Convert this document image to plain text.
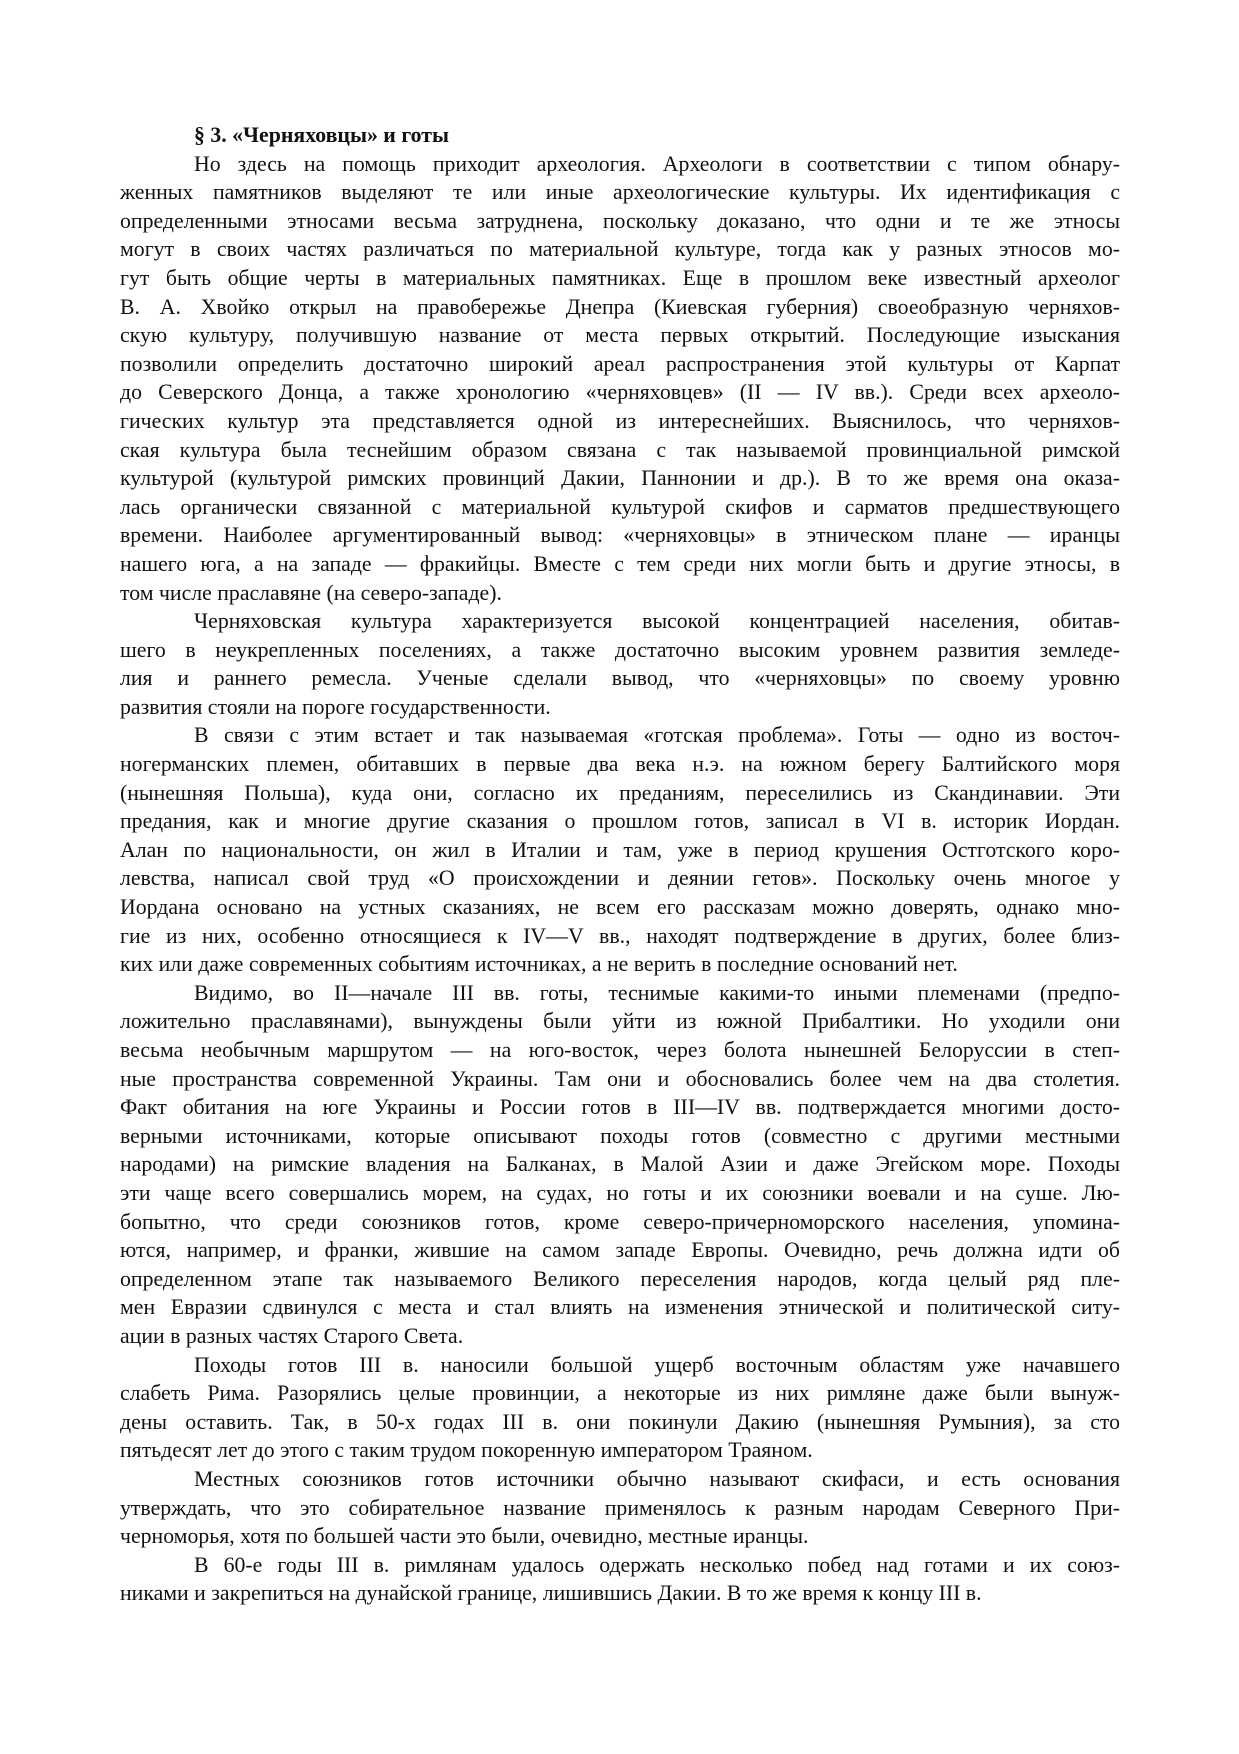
§ 3. «Черняховцы» и готы
Но здесь на помощь приходит археология. Археологи в соответствии с типом обнару-
женных памятников выделяют те или иные археологические культуры. Их идентификация с
определенными этносами весьма затруднена, поскольку доказано, что одни и те же этносы
могут в своих частях различаться по материальной культуре, тогда как у разных этносов мо-
гут быть общие черты в материальных памятниках. Еще в прошлом веке известный археолог
В. А. Хвойко открыл на правобережье Днепра (Киевская губерния) своеобразную черняхов-
скую культуру, получившую название от места первых открытий. Последующие изыскания
позволили определить достаточно широкий ареал распространения этой культуры от Карпат
до Северского Донца, а также хронологию «черняховцев» (II — IV вв.). Среди всех археоло-
гических культур эта представляется одной из интереснейших. Выяснилось, что черняхов-
ская культура была теснейшим образом связана с так называемой провинциальной римской
культурой (культурой римских провинций Дакии, Паннонии и др.). В то же время она оказа-
лась органически связанной с материальной культурой скифов и сарматов предшествующего
времени. Наиболее аргументированный вывод: «черняховцы» в этническом плане — иранцы
нашего юга, а на западе — фракийцы. Вместе с тем среди них могли быть и другие этносы, в
том числе праславяне (на северо-западе).
Черняховская культура характеризуется высокой концентрацией населения, обитав-
шего в неукрепленных поселениях, а также достаточно высоким уровнем развития земледе-
лия и раннего ремесла. Ученые сделали вывод, что «черняховцы» по своему уровню
развития стояли на пороге государственности.
В связи с этим встает и так называемая «готская проблема». Готы — одно из восточ-
ногерманских племен, обитавших в первые два века н.э. на южном берегу Балтийского моря
(нынешняя Польша), куда они, согласно их преданиям, переселились из Скандинавии. Эти
предания, как и многие другие сказания о прошлом готов, записал в VI в. историк Иордан.
Алан по национальности, он жил в Италии и там, уже в период крушения Остготского коро-
левства, написал свой труд «О происхождении и деянии гетов». Поскольку очень многое у
Иордана основано на устных сказаниях, не всем его рассказам можно доверять, однако мно-
гие из них, особенно относящиеся к IV—V вв., находят подтверждение в других, более близ-
ких или даже современных событиям источниках, а не верить в последние оснований нет.
Видимо, во II—начале III вв. готы, теснимые какими-то иными племенами (предпо-
ложительно праславянами), вынуждены были уйти из южной Прибалтики. Но уходили они
весьма необычным маршрутом — на юго-восток, через болота нынешней Белоруссии в степ-
ные пространства современной Украины. Там они и обосновались более чем на два столетия.
Факт обитания на юге Украины и России готов в III—IV вв. подтверждается многими досто-
верными источниками, которые описывают походы готов (совместно с другими местными
народами) на римские владения на Балканах, в Малой Азии и даже Эгейском море. Походы
эти чаще всего совершались морем, на судах, но готы и их союзники воевали и на суше. Лю-
бопытно, что среди союзников готов, кроме северо-причерноморского населения, упомина-
ются, например, и франки, жившие на самом западе Европы. Очевидно, речь должна идти об
определенном этапе так называемого Великого переселения народов, когда целый ряд пле-
мен Евразии сдвинулся с места и стал влиять на изменения этнической и политической ситу-
ации в разных частях Старого Света.
Походы готов III в. наносили большой ущерб восточным областям уже начавшего
слабеть Рима. Разорялись целые провинции, а некоторые из них римляне даже были вынуж-
дены оставить. Так, в 50-х годах III в. они покинули Дакию (нынешняя Румыния), за сто
пятьдесят лет до этого с таким трудом покоренную императором Траяном.
Местных союзников готов источники обычно называют скифаси, и есть основания
утверждать, что это собирательное название применялось к разным народам Северного При-
черноморья, хотя по большей части это были, очевидно, местные иранцы.
В 60-е годы III в. римлянам удалось одержать несколько побед над готами и их союз-
никами и закрепиться на дунайской границе, лишившись Дакии. В то же время к концу III в.
